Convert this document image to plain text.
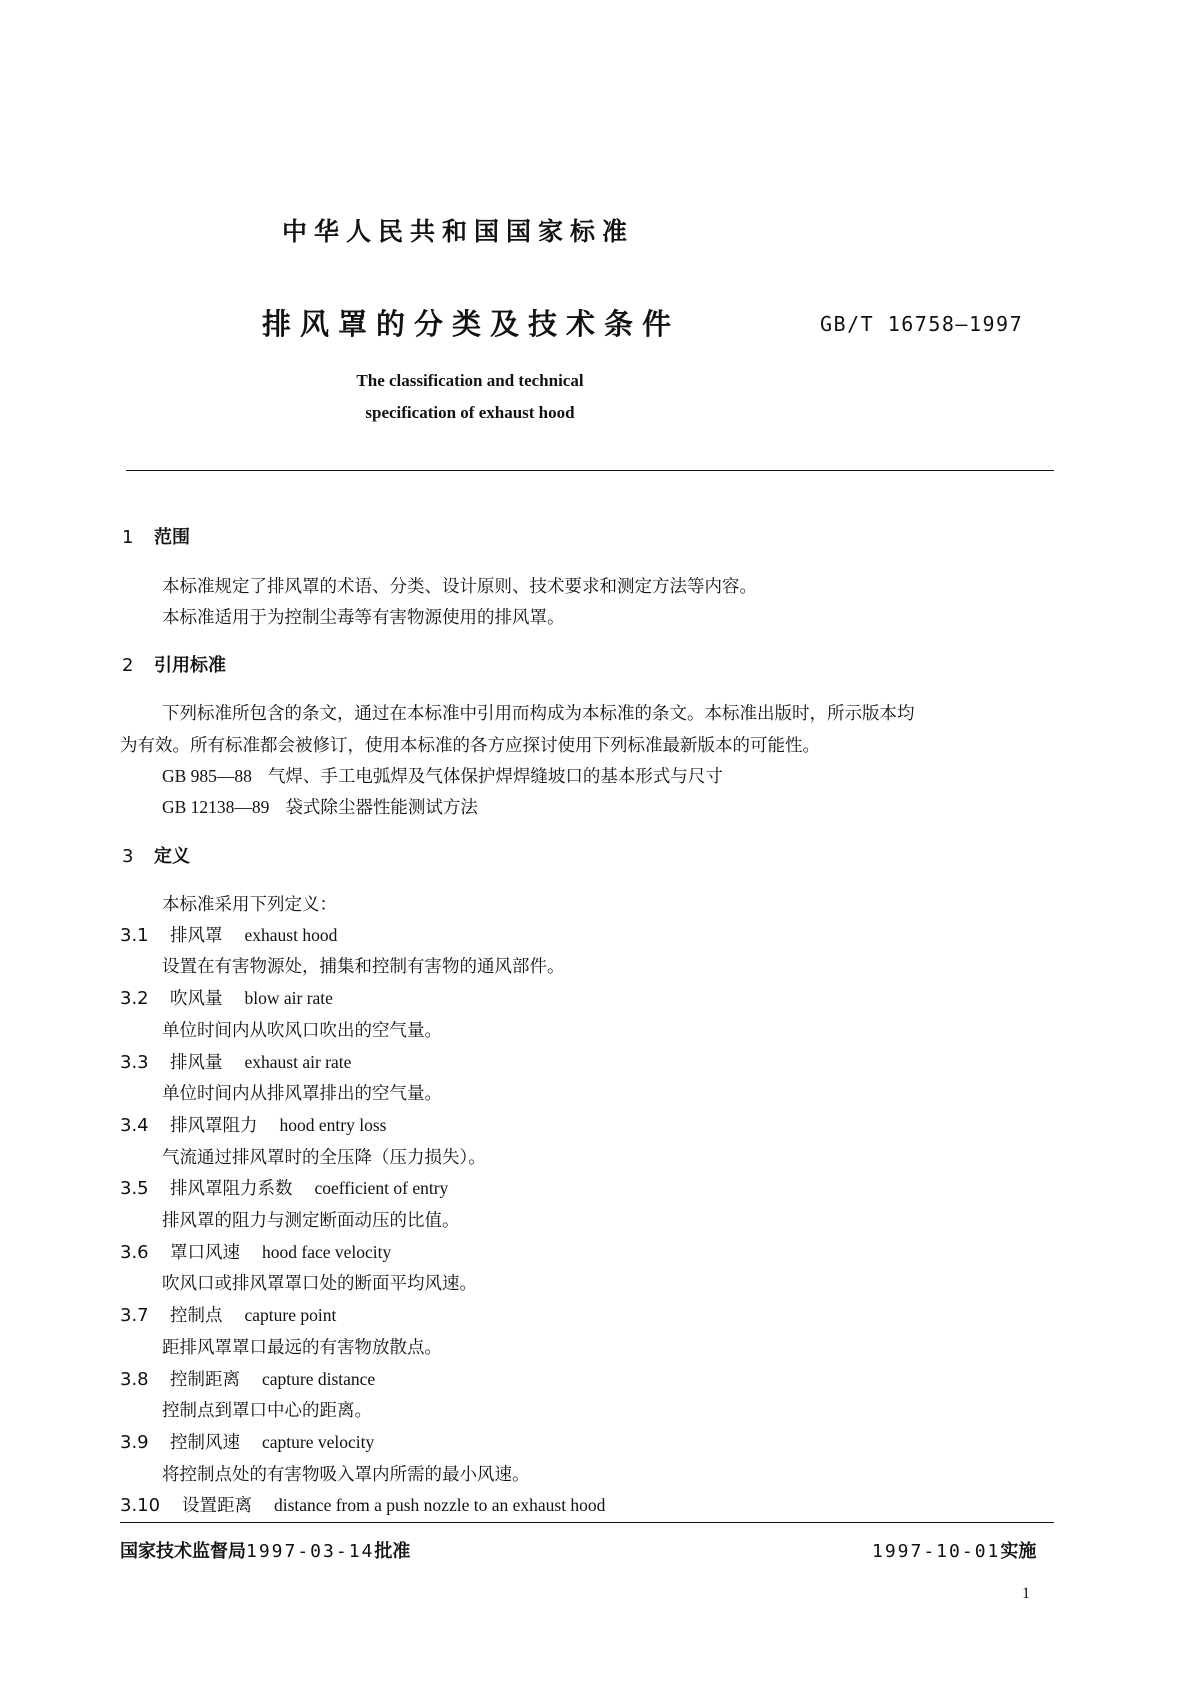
中华人民共和国国家标准
排风罩的分类及技术条件	GB/T 16758—1997
The classification and technical
specification of exhaust hood
1 范围
本标准规定了排风罩的术语、分类、设计原则、技术要求和测定方法等内容。
本标准适用于为控制尘毒等有害物源使用的排风罩。
2 引用标准
下列标准所包含的条文，通过在本标准中引用而构成为本标准的条文。本标准出版时，所示版本均
为有效。所有标准都会被修订，使用本标准的各方应探讨使用下列标准最新版本的可能性。
GB 985—88 气焊、手工电弧焊及气体保护焊焊缝坡口的基本形式与尺寸
GB 12138—89 袋式除尘器性能测试方法
3 定义
本标准采用下列定义：
3.1 排风罩 exhaust hood
设置在有害物源处，捕集和控制有害物的通风部件。
3.2 吹风量 blow air rate
单位时间内从吹风口吹出的空气量。
3.3 排风量 exhaust air rate
单位时间内从排风罩排出的空气量。
3.4 排风罩阻力 hood entry loss
气流通过排风罩时的全压降（压力损失）。
3.5 排风罩阻力系数 coefficient of entry
排风罩的阻力与测定断面动压的比值。
3.6 罩口风速 hood face velocity
吹风口或排风罩罩口处的断面平均风速。
3.7 控制点 capture point
距排风罩罩口最远的有害物放散点。
3.8 控制距离 capture distance
控制点到罩口中心的距离。
3.9 控制风速 capture velocity
将控制点处的有害物吸入罩内所需的最小风速。
3.10 设置距离 distance from a push nozzle to an exhaust hood
国家技术监督局1997-03-14批准	1997-10-01实施
1
